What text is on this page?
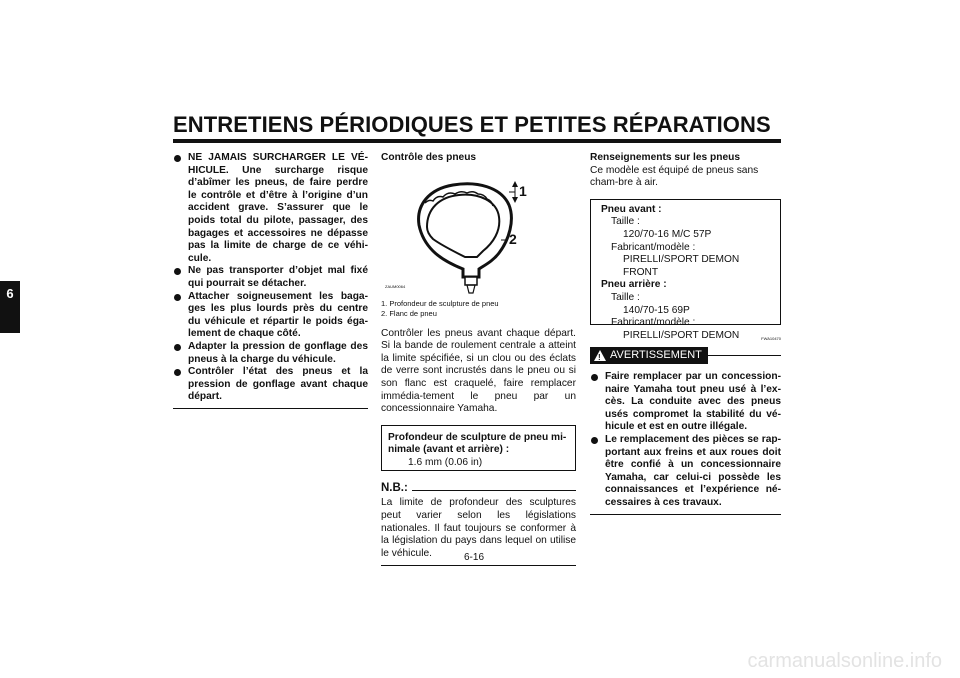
ENTRETIENS PÉRIODIQUES ET PETITES RÉPARATIONS
6
NE JAMAIS SURCHARGER LE VÉ-HICULE. Une surcharge risque d’abîmer les pneus, de faire perdre le contrôle et d’être à l’origine d’un accident grave. S’assurer que le poids total du pilote, passager, des bagages et accessoires ne dépasse pas la limite de charge de ce véhi-cule.
Ne pas transporter d’objet mal fixé qui pourrait se détacher.
Attacher soigneusement les baga-ges les plus lourds près du centre du véhicule et répartir le poids éga-lement de chaque côté.
Adapter la pression de gonflage des pneus à la charge du véhicule.
Contrôler l’état des pneus et la pression de gonflage avant chaque départ.
Contrôle des pneus
1
2
ZAUM0064
1. Profondeur de sculpture de pneu
2. Flanc de pneu
Contrôler les pneus avant chaque départ. Si la bande de roulement centrale a atteint la limite spécifiée, si un clou ou des éclats de verre sont incrustés dans le pneu ou si son flanc est craquelé, faire remplacer immédia-tement le pneu par un concessionnaire Yamaha.
Profondeur de sculpture de pneu mi-nimale (avant et arrière) :
1.6 mm (0.06 in)
N.B.:
La limite de profondeur des sculptures peut varier selon les législations nationales. Il faut toujours se conformer à la législation du pays dans lequel on utilise le véhicule.
Renseignements sur les pneus
Ce modèle est équipé de pneus sans cham-bre à air.
Pneu avant :
Taille :
120/70-16 M/C 57P
Fabricant/modèle :
PIRELLI/SPORT DEMON FRONT
Pneu arrière :
Taille :
140/70-15 69P
Fabricant/modèle :
PIRELLI/SPORT DEMON	FWA10470
! AVERTISSEMENT
Faire remplacer par un concession-naire Yamaha tout pneu usé à l’ex-cès. La conduite avec des pneus usés compromet la stabilité du vé-hicule et est en outre illégale.
Le remplacement des pièces se rap-portant aux freins et aux roues doit être confié à un concessionnaire Yamaha, car celui-ci possède les connaissances et l’expérience né-cessaires à ces travaux.
6-16
carmanualsonline.info
